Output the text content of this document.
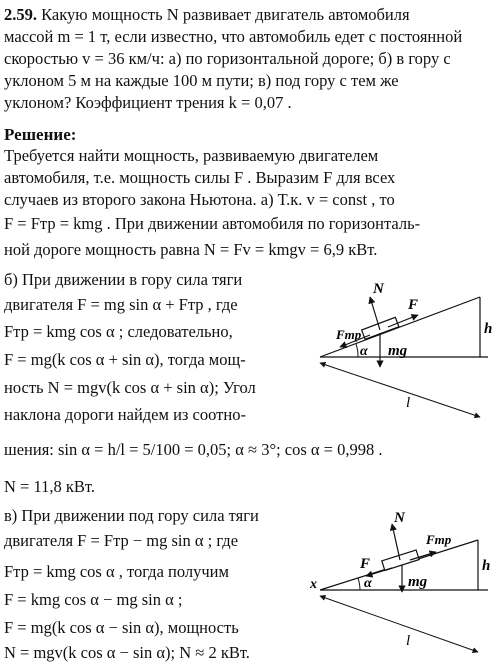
2.59. Какую мощность N развивает двигатель автомобиля
массой m = 1 т, если известно, что автомобиль едет с постоянной
скоростью v = 36 км/ч: а) по горизонтальной дороге; б) в гору с
уклоном 5 м на каждые 100 м пути; в) под гору с тем же
уклоном? Коэффициент трения k = 0,07 .
Решение:
Требуется найти мощность, развиваемую двигателем
автомобиля, т.е. мощность силы F . Выразим F для всех
случаев из второго закона Ньютона. а) Т.к. v = const , то
F = Fтр = kmg . При движении автомобиля по горизонталь-
ной дороге мощность равна N = Fv = kmgv = 6,9 кВт.
б) При движении в гору сила тяги
двигателя F = mg sin α + Fтр , где
Fтр = kmg cos α ; следовательно,
F = mg(k cos α + sin α), тогда мощ-
ность N = mgv(k cos α + sin α); Угол
наклона дороги найдем из соотно-
шения: sin α = h/l = 5/100 = 0,05; α ≈ 3°; cos α = 0,998 .
N = 11,8 кВт.
в) При движении под гору сила тяги
двигателя F = Fтр − mg sin α ; где
Fтр = kmg cos α , тогда получим
F = kmg cos α − mg sin α ;
F = mg(k cos α − sin α), мощность
N = mgv(k cos α − sin α); N ≈ 2 кВт.
N
F
Fтр
mg
α
h
l
x
N
F
Fтр
mg
α
h
l
